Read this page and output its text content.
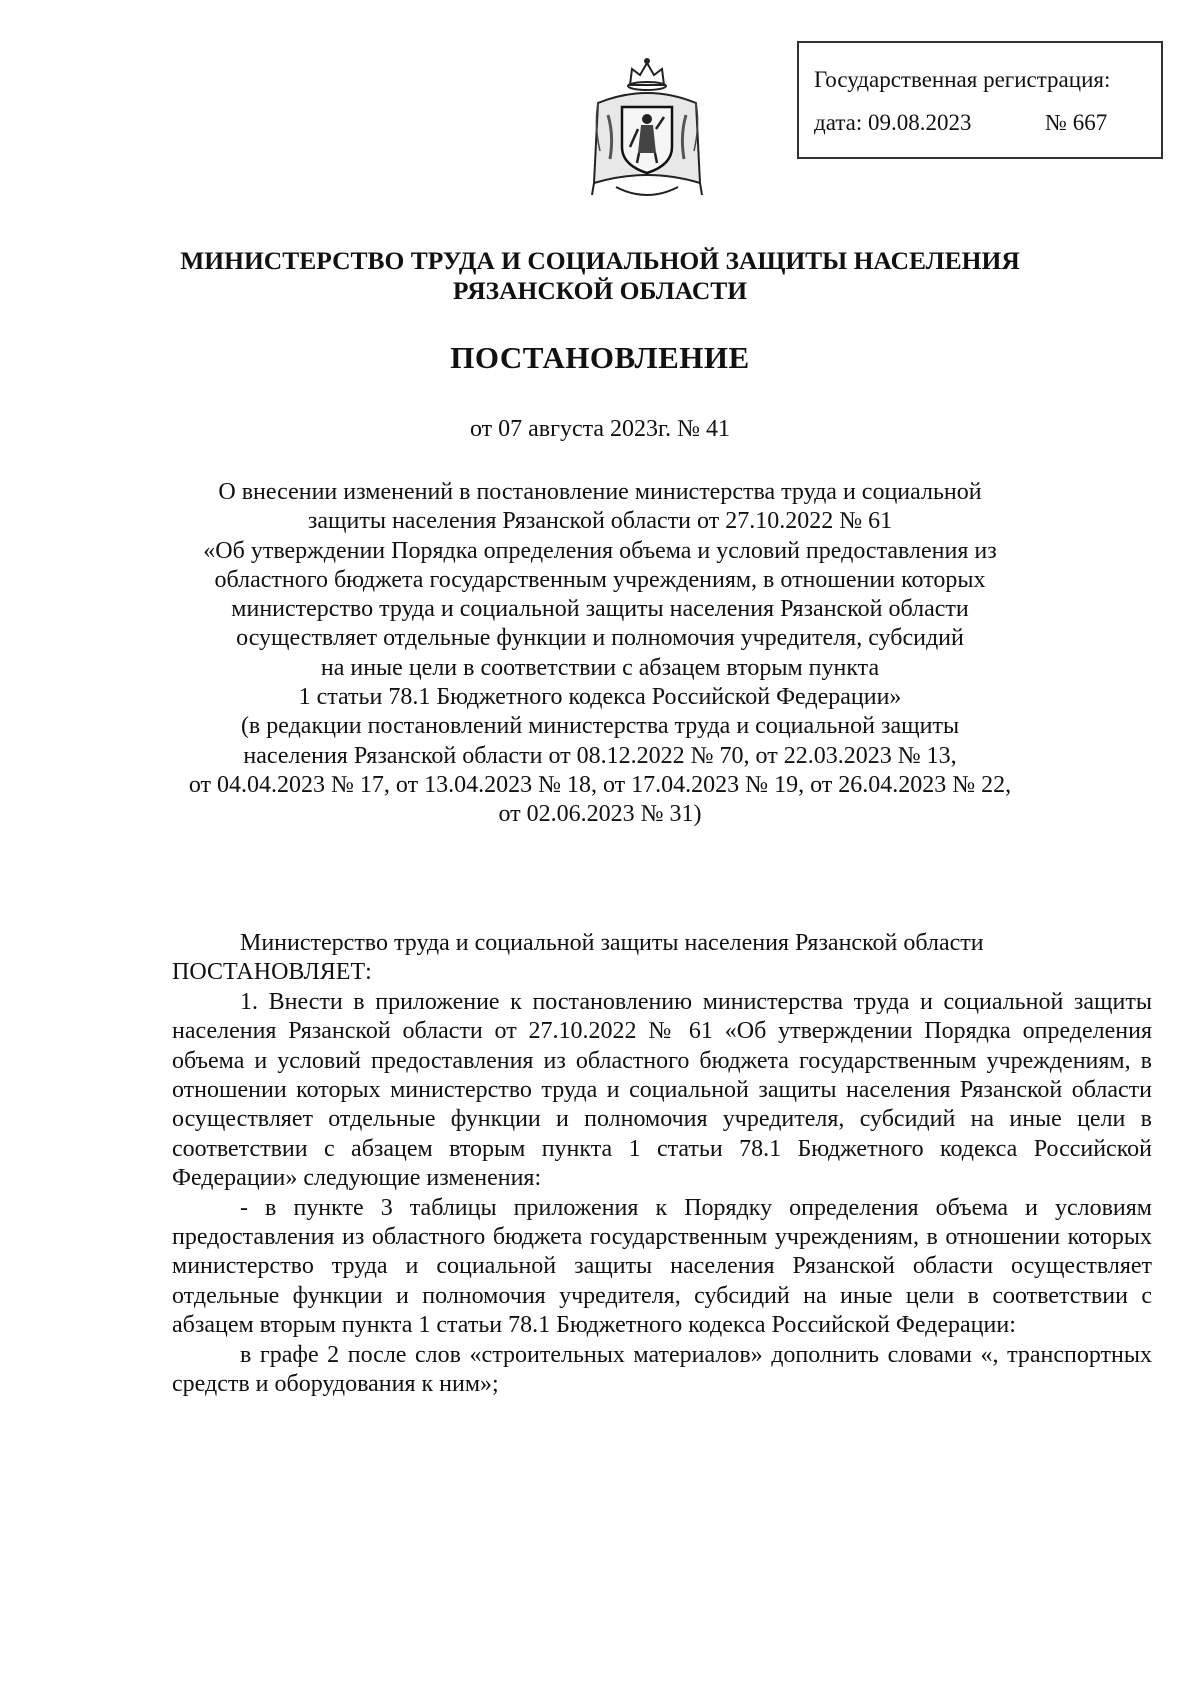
Государственная регистрация:
дата: 09.08.2023	№ 667
МИНИСТЕРСТВО ТРУДА И СОЦИАЛЬНОЙ ЗАЩИТЫ НАСЕЛЕНИЯ
РЯЗАНСКОЙ ОБЛАСТИ
ПОСТАНОВЛЕНИЕ
от 07 августа 2023г. № 41
О внесении изменений в постановление министерства труда и социальной
защиты населения Рязанской области от 27.10.2022 № 61
«Об утверждении Порядка определения объема и условий предоставления из
областного бюджета государственным учреждениям, в отношении которых
министерство труда и социальной защиты населения Рязанской области
осуществляет отдельные функции и полномочия учредителя, субсидий
на иные цели в соответствии с абзацем вторым пункта
1 статьи 78.1 Бюджетного кодекса Российской Федерации»
(в редакции постановлений министерства труда и социальной защиты
населения Рязанской области от 08.12.2022 № 70, от 22.03.2023 № 13,
от 04.04.2023 № 17, от 13.04.2023 № 18, от 17.04.2023 № 19, от 26.04.2023 № 22,
от 02.06.2023 № 31)

Министерство труда и социальной защиты населения Рязанской области

ПОСТАНОВЛЯЕТ:

1. Внести в приложение к постановлению министерства труда и социальной защиты населения Рязанской области от 27.10.2022 № 61 «Об утверждении Порядка определения объема и условий предоставления из областного бюджета государственным учреждениям, в отношении которых министерство труда и социальной защиты населения Рязанской области осуществляет отдельные функции и полномочия учредителя, субсидий на иные цели в соответствии с абзацем вторым пункта 1 статьи 78.1 Бюджетного кодекса Российской Федерации» следующие изменения:

- в пункте 3 таблицы приложения к Порядку определения объема и условиям предоставления из областного бюджета государственным учреждениям, в отношении которых министерство труда и социальной защиты населения Рязанской области осуществляет отдельные функции и полномочия учредителя, субсидий на иные цели в соответствии с абзацем вторым пункта 1 статьи 78.1 Бюджетного кодекса Российской Федерации:

в графе 2 после слов «строительных материалов» дополнить словами «, транспортных средств и оборудования к ним»;
